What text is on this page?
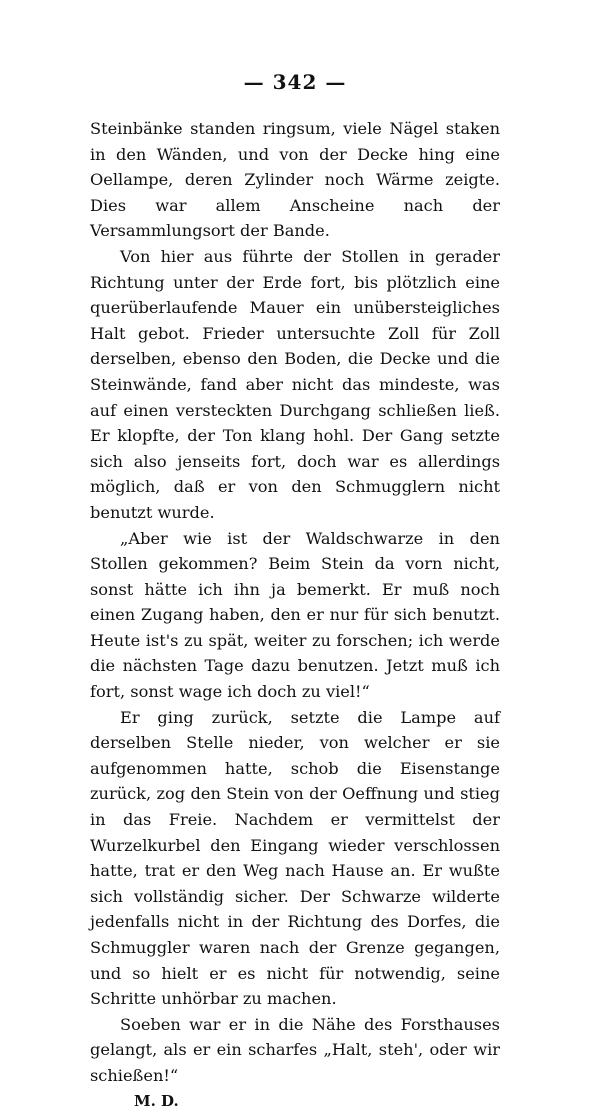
— 342 —

Steinbänke standen ringsum, viele Nägel staken in den Wänden, und von der Decke hing eine Oellampe, deren Zylinder noch Wärme zeigte. Dies war allem Anscheine nach der Versammlungsort der Bande.

Von hier aus führte der Stollen in gerader Richtung unter der Erde fort, bis plötzlich eine querüberlaufende Mauer ein unübersteigliches Halt gebot. Frieder untersuchte Zoll für Zoll derselben, ebenso den Boden, die Decke und die Steinwände, fand aber nicht das mindeste, was auf einen versteckten Durchgang schließen ließ. Er klopfte, der Ton klang hohl. Der Gang setzte sich also jenseits fort, doch war es allerdings möglich, daß er von den Schmugglern nicht benutzt wurde.

„Aber wie ist der Waldschwarze in den Stollen gekommen? Beim Stein da vorn nicht, sonst hätte ich ihn ja bemerkt. Er muß noch einen Zugang haben, den er nur für sich benutzt. Heute ist's zu spät, weiter zu forschen; ich werde die nächsten Tage dazu benutzen. Jetzt muß ich fort, sonst wage ich doch zu viel!“

Er ging zurück, setzte die Lampe auf derselben Stelle nieder, von welcher er sie aufgenommen hatte, schob die Eisenstange zurück, zog den Stein von der Oeffnung und stieg in das Freie. Nachdem er vermittelst der Wurzelkurbel den Eingang wieder verschlossen hatte, trat er den Weg nach Hause an. Er wußte sich vollständig sicher. Der Schwarze wilderte jedenfalls nicht in der Richtung des Dorfes, die Schmuggler waren nach der Grenze gegangen, und so hielt er es nicht für notwendig, seine Schritte unhörbar zu machen.

Soeben war er in die Nähe des Forsthauses gelangt, als er ein scharfes „Halt, steh', oder wir schießen!“

M. D.
